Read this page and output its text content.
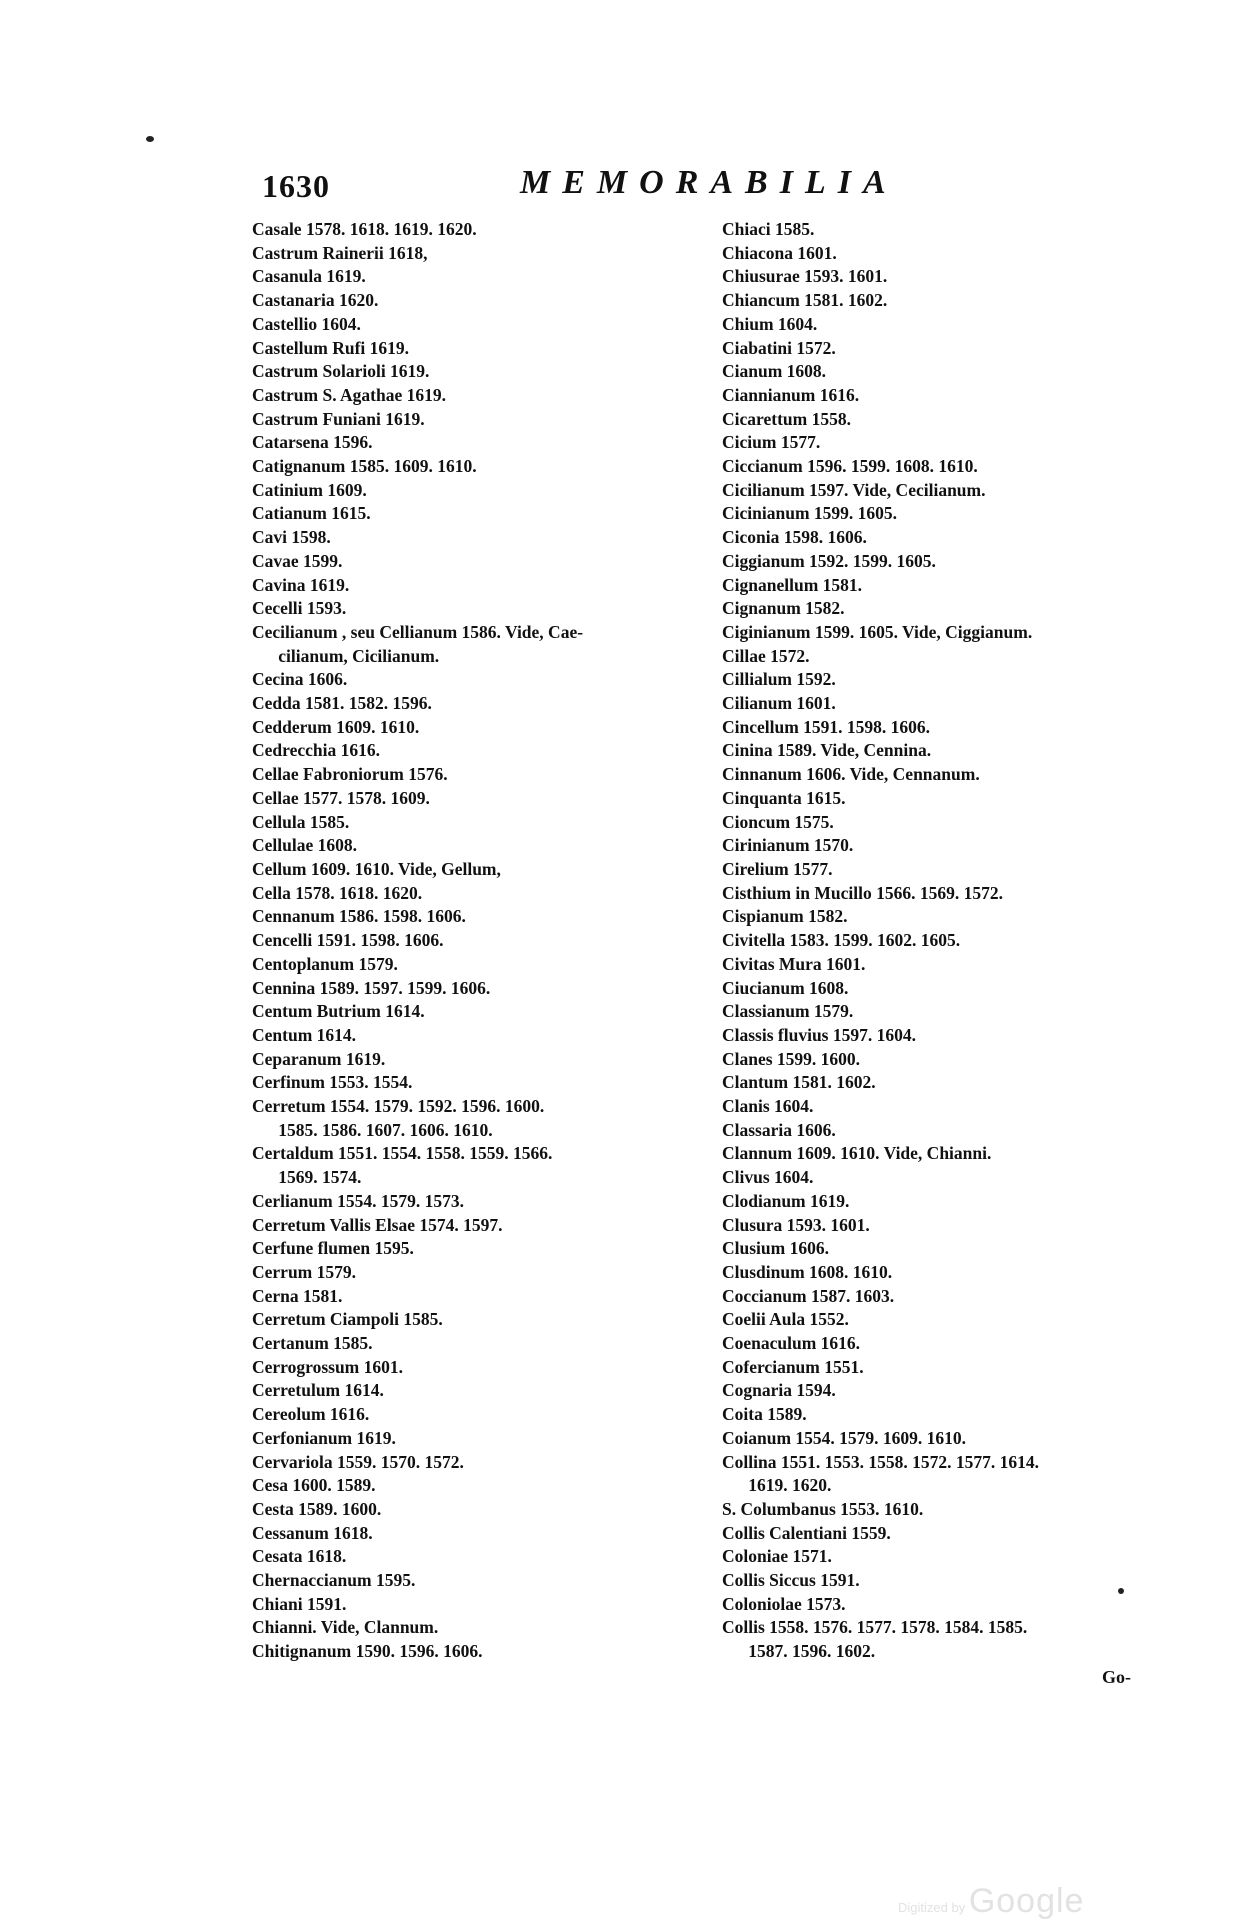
1630	MEMORABILIA
Casale 1578. 1618. 1619. 1620.
Castrum Rainerii 1618,
Casanula 1619.
Castanaria 1620.
Castellio 1604.
Castellum Rufi 1619.
Castrum Solarioli 1619.
Castrum S. Agathae 1619.
Castrum Funiani 1619.
Catarsena 1596.
Catignanum 1585. 1609. 1610.
Catinium 1609.
Catianum 1615.
Cavi 1598.
Cavae 1599.
Cavina 1619.
Cecelli 1593.
Cecilianum , seu Cellianum 1586. Vide, Cae-
cilianum, Cicilianum.
Cecina 1606.
Cedda 1581. 1582. 1596.
Cedderum 1609. 1610.
Cedrecchia 1616.
Cellae Fabroniorum 1576.
Cellae 1577. 1578. 1609.
Cellula 1585.
Cellulae 1608.
Cellum 1609. 1610. Vide, Gellum,
Cella 1578. 1618. 1620.
Cennanum 1586. 1598. 1606.
Cencelli 1591. 1598. 1606.
Centoplanum 1579.
Cennina 1589. 1597. 1599. 1606.
Centum Butrium 1614.
Centum 1614.
Ceparanum 1619.
Cerfinum 1553. 1554.
Cerretum 1554. 1579. 1592. 1596. 1600.
1585. 1586. 1607. 1606. 1610.
Certaldum 1551. 1554. 1558. 1559. 1566.
1569. 1574.
Cerlianum 1554. 1579. 1573.
Cerretum Vallis Elsae 1574. 1597.
Cerfune flumen 1595.
Cerrum 1579.
Cerna 1581.
Cerretum Ciampoli 1585.
Certanum 1585.
Cerrogrossum 1601.
Cerretulum 1614.
Cereolum 1616.
Cerfonianum 1619.
Cervariola 1559. 1570. 1572.
Cesa 1600. 1589.
Cesta 1589. 1600.
Cessanum 1618.
Cesata 1618.
Chernaccianum 1595.
Chiani 1591.
Chianni. Vide, Clannum.
Chitignanum 1590. 1596. 1606.
Chiaci 1585.
Chiacona 1601.
Chiusurae 1593. 1601.
Chiancum 1581. 1602.
Chium 1604.
Ciabatini 1572.
Cianum 1608.
Ciannianum 1616.
Cicarettum 1558.
Cicium 1577.
Ciccianum 1596. 1599. 1608. 1610.
Cicilianum 1597. Vide, Cecilianum.
Cicinianum 1599. 1605.
Ciconia 1598. 1606.
Ciggianum 1592. 1599. 1605.
Cignanellum 1581.
Cignanum 1582.
Ciginianum 1599. 1605. Vide, Ciggianum.
Cillae 1572.
Cillialum 1592.
Cilianum 1601.
Cincellum 1591. 1598. 1606.
Cinina 1589. Vide, Cennina.
Cinnanum 1606. Vide, Cennanum.
Cinquanta 1615.
Cioncum 1575.
Cirinianum 1570.
Cirelium 1577.
Cisthium in Mucillo 1566. 1569. 1572.
Cispianum 1582.
Civitella 1583. 1599. 1602. 1605.
Civitas Mura 1601.
Ciucianum 1608.
Classianum 1579.
Classis fluvius 1597. 1604.
Clanes 1599. 1600.
Clantum 1581. 1602.
Clanis 1604.
Classaria 1606.
Clannum 1609. 1610. Vide, Chianni.
Clivus 1604.
Clodianum 1619.
Clusura 1593. 1601.
Clusium 1606.
Clusdinum 1608. 1610.
Coccianum 1587. 1603.
Coelii Aula 1552.
Coenaculum 1616.
Cofercianum 1551.
Cognaria 1594.
Coita 1589.
Coianum 1554. 1579. 1609. 1610.
Collina 1551. 1553. 1558. 1572. 1577. 1614.
1619. 1620.
S. Columbanus 1553. 1610.
Collis Calentiani 1559.
Coloniae 1571.
Collis Siccus 1591.
Coloniolae 1573.
Collis 1558. 1576. 1577. 1578. 1584. 1585.
1587. 1596. 1602.
Go-
Digitized by Google
